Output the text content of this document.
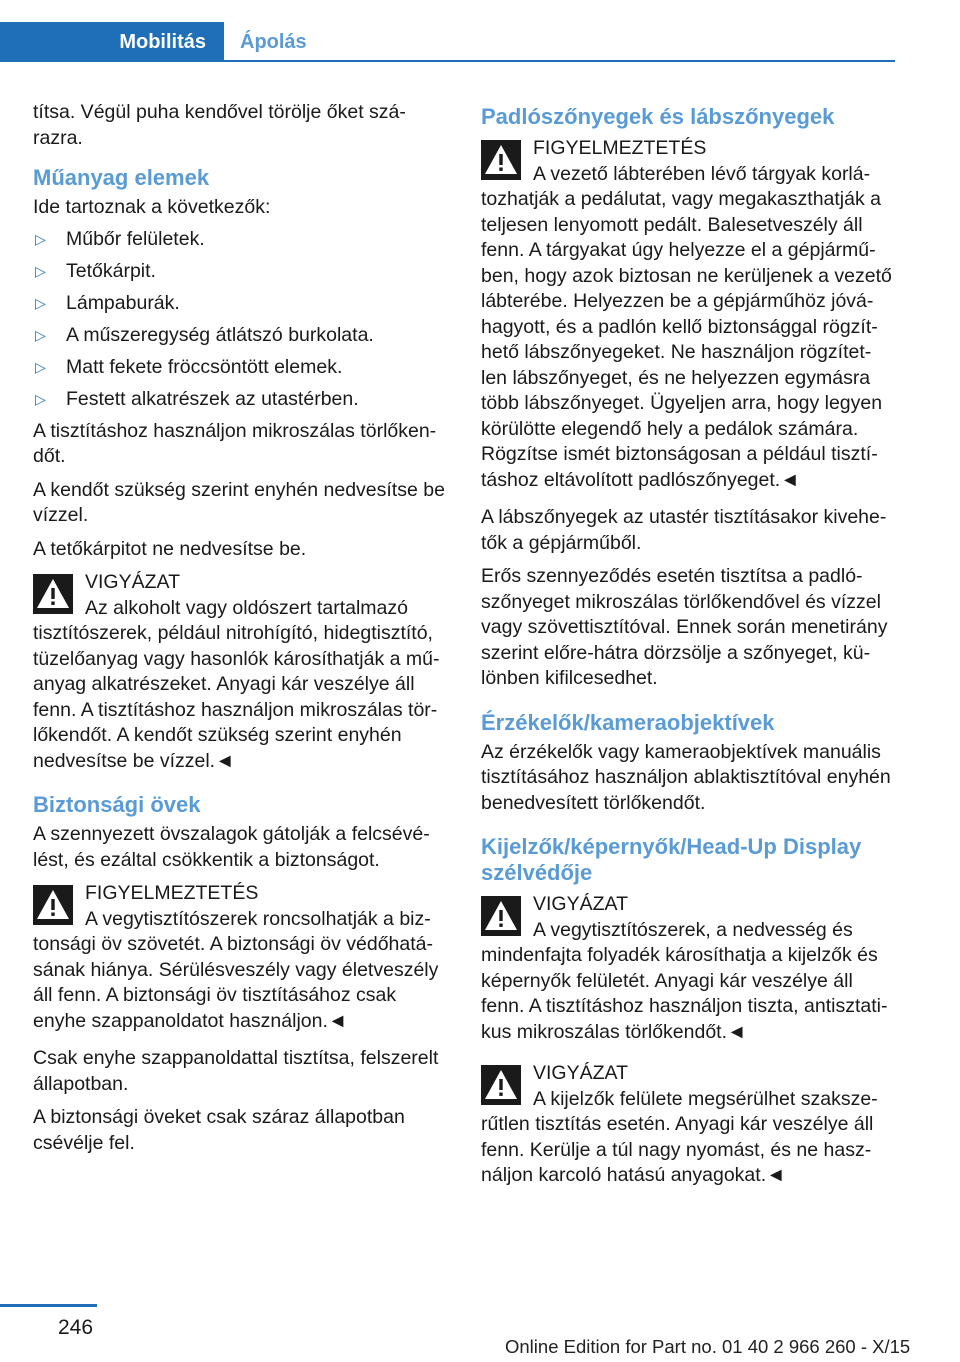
Mobilitás	Ápolás

títsa. Végül puha kendővel törölje őket szá-razra.

Műanyag elemek

Ide tartoznak a következők:

▷ Műbőr felületek.
▷ Tetőkárpit.
▷ Lámpaburák.
▷ A műszeregység átlátszó burkolata.
▷ Matt fekete fröccsöntött elemek.
▷ Festett alkatrészek az utastérben.

A tisztításhoz használjon mikroszálas törlőken-dőt.

A kendőt szükség szerint enyhén nedvesítse be vízzel.

A tetőkárpitot ne nedvesítse be.

VIGYÁZAT
Az alkoholt vagy oldószert tartalmazó

tisztítószerek, például nitrohígító, hidegtisztító, tüzelőanyag vagy hasonlók károsíthatják a mű-anyag alkatrészeket. Anyagi kár veszélye áll fenn. A tisztításhoz használjon mikroszálas tör-lőkendőt. A kendőt szükség szerint enyhén nedvesítse be vízzel.◄

Biztonsági övek

A szennyezett övszalagok gátolják a felcsévé-lést, és ezáltal csökkentik a biztonságot.

FIGYELMEZTETÉS
A vegytisztítószerek roncsolhatják a biz-

tonsági öv szövetét. A biztonsági öv védőhatá-sának hiánya. Sérülésveszély vagy életveszély áll fenn. A biztonsági öv tisztításához csak enyhe szappanoldatot használjon.◄

Csak enyhe szappanoldattal tisztítsa, felszerelt állapotban.

A biztonsági öveket csak száraz állapotban csévélje fel.

Padlószőnyegek és lábszőnyegek
FIGYELMEZTETÉS
A vezető lábterében lévő tárgyak korlá-

tozhatják a pedálutat, vagy megakaszthatják a teljesen lenyomott pedált. Balesetveszély áll fenn. A tárgyakat úgy helyezze el a gépjármű-ben, hogy azok biztosan ne kerüljenek a vezető lábterébe. Helyezzen be a gépjárműhöz jóvá-hagyott, és a padlón kellő biztonsággal rögzít-hető lábszőnyegeket. Ne használjon rögzítet-len lábszőnyeget, és ne helyezzen egymásra több lábszőnyeget. Ügyeljen arra, hogy legyen körülötte elegendő hely a pedálok számára. Rögzítse ismét biztonságosan a például tisztí-táshoz eltávolított padlószőnyeget.◄

A lábszőnyegek az utastér tisztításakor kivehe-tők a gépjárműből.

Erős szennyeződés esetén tisztítsa a padló-szőnyeget mikroszálas törlőkendővel és vízzel vagy szövettisztítóval. Ennek során menetirány szerint előre-hátra dörzsölje a szőnyeget, kü-lönben kifilcesedhet.

Érzékelők/kameraobjektívek

Az érzékelők vagy kameraobjektívek manuális tisztításához használjon ablaktisztítóval enyhén benedvesített törlőkendőt.

Kijelzők/képernyők/Head-Up Display szélvédője
VIGYÁZAT
A vegytisztítószerek, a nedvesség és

mindenfajta folyadék károsíthatja a kijelzők és képernyők felületét. Anyagi kár veszélye áll fenn. A tisztításhoz használjon tiszta, antisztati-kus mikroszálas törlőkendőt.◄

VIGYÁZAT
A kijelzők felülete megsérülhet szaksze-

rűtlen tisztítás esetén. Anyagi kár veszélye áll fenn. Kerülje a túl nagy nyomást, és ne hasz-náljon karcoló hatású anyagokat.◄

246
Online Edition for Part no. 01 40 2 966 260 - X/15
